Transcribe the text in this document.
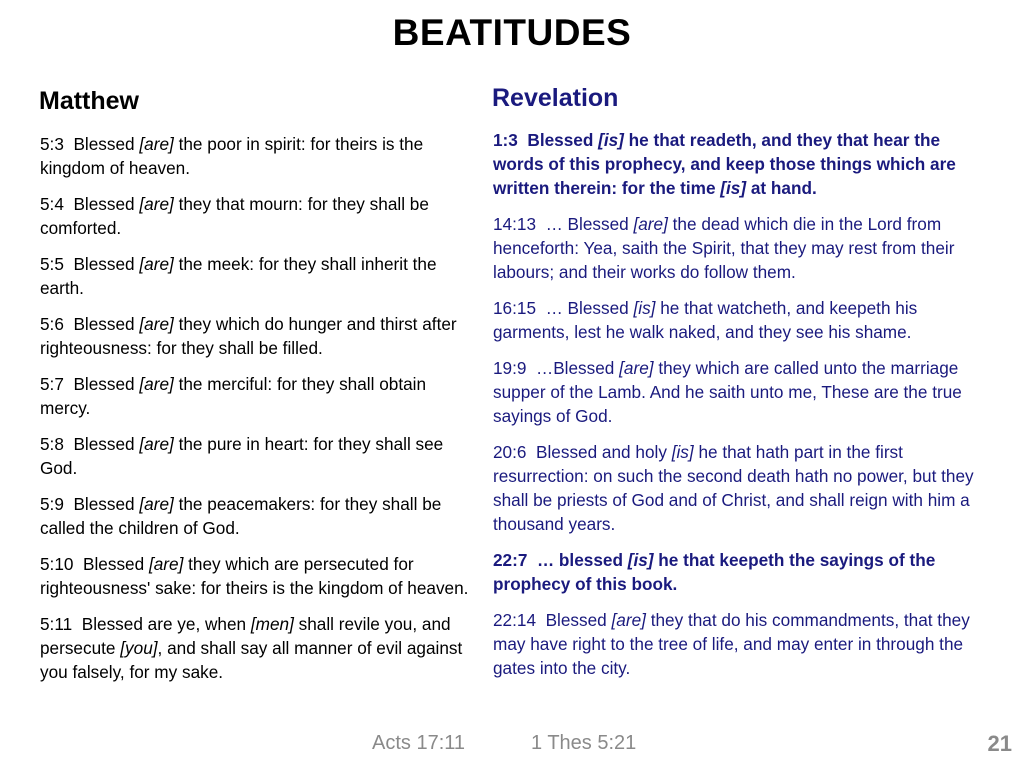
BEATITUDES
Matthew	Revelation

5:3 Blessed [are] the poor in spirit: for theirs is the kingdom of heaven.

5:4 Blessed [are] they that mourn: for they shall be comforted.

5:5 Blessed [are] the meek: for they shall inherit the earth.

5:6 Blessed [are] they which do hunger and thirst after righteousness: for they shall be filled.

5:7 Blessed [are] the merciful: for they shall obtain mercy.

5:8 Blessed [are] the pure in heart: for they shall see God.

5:9 Blessed [are] the peacemakers: for they shall be called the children of God.

5:10 Blessed [are] they which are persecuted for righteousness' sake: for theirs is the kingdom of heaven.

5:11 Blessed are ye, when [men] shall revile you, and persecute [you], and shall say all manner of evil against you falsely, for my sake.

1:3 Blessed [is] he that readeth, and they that hear the words of this prophecy, and keep those things which are written therein: for the time [is] at hand.

14:13 … Blessed [are] the dead which die in the Lord from henceforth: Yea, saith the Spirit, that they may rest from their labours; and their works do follow them.

16:15 … Blessed [is] he that watcheth, and keepeth his garments, lest he walk naked, and they see his shame.

19:9 …Blessed [are] they which are called unto the marriage supper of the Lamb. And he saith unto me, These are the true sayings of God.

20:6 Blessed and holy [is] he that hath part in the first resurrection: on such the second death hath no power, but they shall be priests of God and of Christ, and shall reign with him a thousand years.

22:7 … blessed [is] he that keepeth the sayings of the prophecy of this book.

22:14 Blessed [are] they that do his commandments, that they may have right to the tree of life, and may enter in through the gates into the city.

Acts 17:11	1 Thes 5:21	21
